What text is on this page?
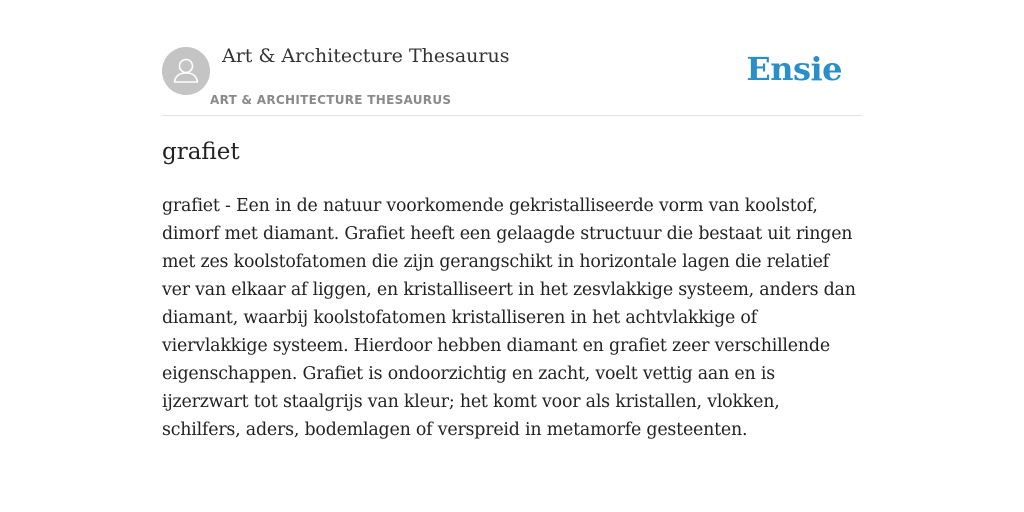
Art & Architecture Thesaurus
ART & ARCHITECTURE THESAURUS
Ensie
grafiet

grafiet - Een in de natuur voorkomende gekristalliseerde vorm van koolstof, dimorf met diamant. Grafiet heeft een gelaagde structuur die bestaat uit ringen met zes koolstofatomen die zijn gerangschikt in horizontale lagen die relatief ver van elkaar af liggen, en kristalliseert in het zesvlakkige systeem, anders dan diamant, waarbij koolstofatomen kristalliseren in het achtvlakkige of viervlakkige systeem. Hierdoor hebben diamant en grafiet zeer verschillende eigenschappen. Grafiet is ondoorzichtig en zacht, voelt vettig aan en is ijzerzwart tot staalgrijs van kleur; het komt voor als kristallen, vlokken, schilfers, aders, bodemlagen of verspreid in metamorfe gesteenten.
